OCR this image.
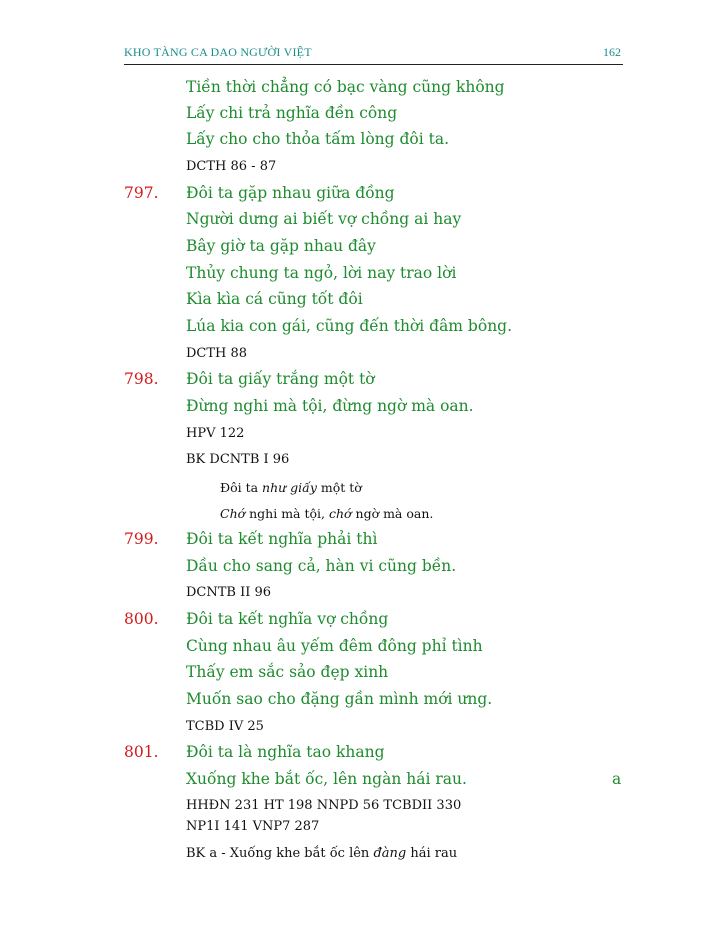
KHO TÀNG CA DAO NGƯỜI VIỆT	162
Tiền thời chẳng có bạc vàng cũng không
Lấy chi trả nghĩa đền công
Lấy cho cho thỏa tấm lòng đôi ta.
DCTH 86 - 87
797. Đôi ta gặp nhau giữa đồng
Người dưng ai biết vợ chồng ai hay
Bây giờ ta gặp nhau đây
Thủy chung ta ngỏ, lời nay trao lời
Kìa kìa cá cũng tốt đôi
Lúa kia con gái, cũng đến thời đâm bông.
DCTH 88
798. Đôi ta giấy trắng một tờ
Đừng nghi mà tội, đừng ngờ mà oan.
HPV 122
BK DCNTB I 96
Đôi ta như giấy một tờ
Chớ nghi mà tội, chớ ngờ mà oan.
799. Đôi ta kết nghĩa phải thì
Dầu cho sang cả, hàn vi cũng bền.
DCNTB II 96
800. Đôi ta kết nghĩa vợ chồng
Cùng nhau âu yếm đêm đông phỉ tình
Thấy em sắc sảo đẹp xinh
Muốn sao cho đặng gần mình mới ưng.
TCBD IV 25
801. Đôi ta là nghĩa tao khang
Xuống khe bắt ốc, lên ngàn hái rau.	a
HHĐN 231 HT 198 NNPD 56 TCBDII 330
NP1I 141 VNP7 287
BK a - Xuống khe bắt ốc lên đàng hái rau
